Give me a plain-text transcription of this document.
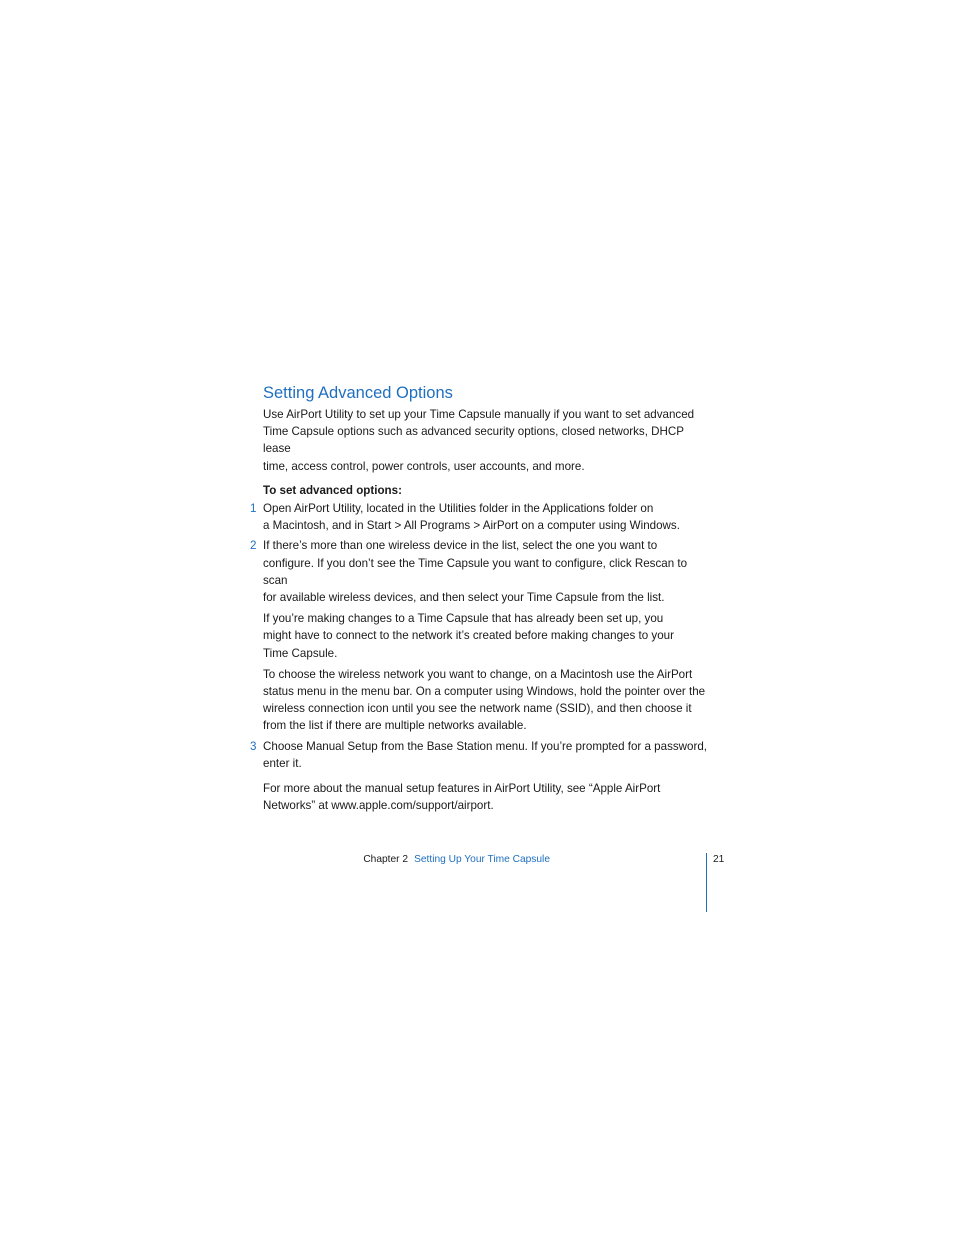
Setting Advanced Options

Use AirPort Utility to set up your Time Capsule manually if you want to set advanced
Time Capsule options such as advanced security options, closed networks, DHCP lease
time, access control, power controls, user accounts, and more.

To set advanced options:

1 Open AirPort Utility, located in the Utilities folder in the Applications folder on
a Macintosh, and in Start > All Programs > AirPort on a computer using Windows.

2 If there’s more than one wireless device in the list, select the one you want to
configure. If you don’t see the Time Capsule you want to configure, click Rescan to scan
for available wireless devices, and then select your Time Capsule from the list.

If you’re making changes to a Time Capsule that has already been set up, you
might have to connect to the network it’s created before making changes to your
Time Capsule.

To choose the wireless network you want to change, on a Macintosh use the AirPort
status menu in the menu bar. On a computer using Windows, hold the pointer over the
wireless connection icon until you see the network name (SSID), and then choose it
from the list if there are multiple networks available.

3 Choose Manual Setup from the Base Station menu. If you’re prompted for a password,
enter it.

For more about the manual setup features in AirPort Utility, see “Apple AirPort
Networks” at www.apple.com/support/airport.

Chapter 2 Setting Up Your Time Capsule	21
